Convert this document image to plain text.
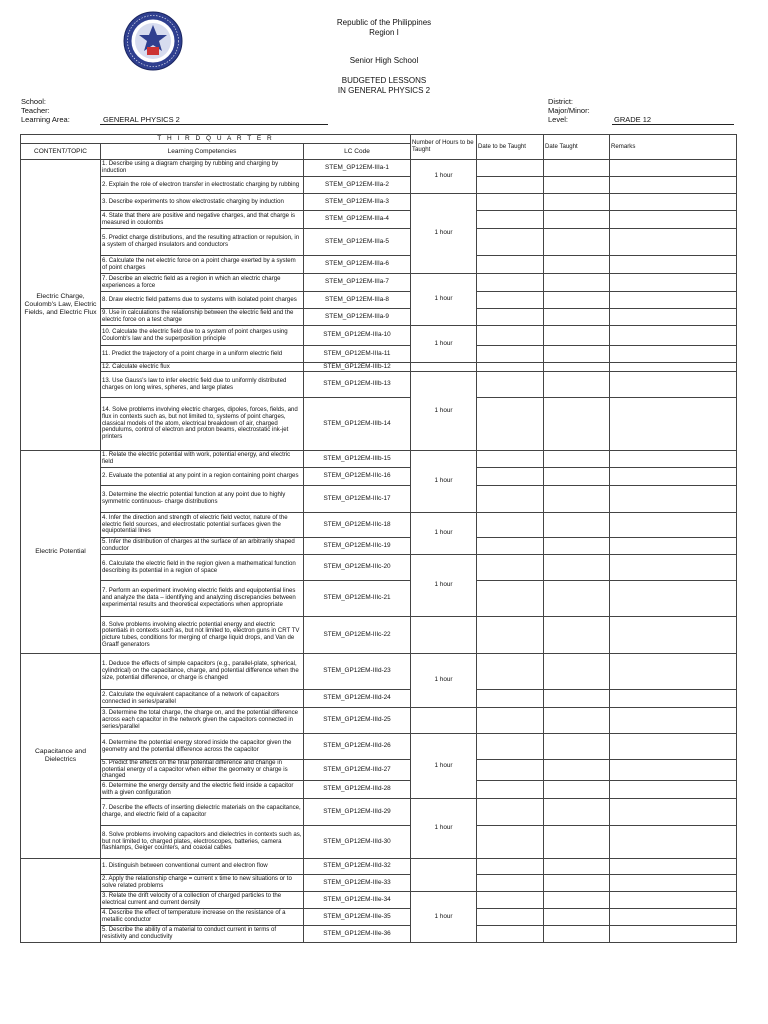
Republic of the Philippines
Region I
Senior High School
BUDGETED LESSONS
IN GENERAL PHYSICS 2
School:
Teacher:
Learning Area:	GENERAL PHYSICS 2
District:
Major/Minor:
Level:	GRADE 12
T H I R D Q U A R T E R			Number of Hours to be Taught	Date to be Taught	Date Taught	Remarks
CONTENT/TOPIC	Learning Competencies	LC Code				
Electric Charge, Coulomb's Law, Electric Fields, and Electric Flux	1. Describe using a diagram charging by rubbing and charging by induction	STEM_GP12EM-IIIa-1	1 hour			
	2. Explain the role of electron transfer in electrostatic charging by rubbing	STEM_GP12EM-IIIa-2				
	3. Describe experiments to show electrostatic charging by induction	STEM_GP12EM-IIIa-3	1 hour			
	4. State that there are positive and negative charges, and that charge is measured in coulombs	STEM_GP12EM-IIIa-4				
	5. Predict charge distributions, and the resulting attraction or repulsion, in a system of charged insulators and conductors	STEM_GP12EM-IIIa-5				
	6. Calculate the net electric force on a point charge exerted by a system of point charges	STEM_GP12EM-IIIa-6				
	7. Describe an electric field as a region in which an electric charge experiences a force	STEM_GP12EM-IIIa-7	1 hour			
	8. Draw electric field patterns due to systems with isolated point charges	STEM_GP12EM-IIIa-8				
	9. Use in calculations the relationship between the electric field and the electric force on a test charge	STEM_GP12EM-IIIa-9				
	10. Calculate the electric field due to a system of point charges using Coulomb's law and the superposition principle	STEM_GP12EM-IIIa-10	1 hour			
	11. Predict the trajectory of a point charge in a uniform electric field	STEM_GP12EM-IIIa-11				
	12. Calculate electric flux	STEM_GP12EM-IIIb-12				
	13. Use Gauss's law to infer electric field due to uniformly distributed charges on long wires, spheres, and large plates	STEM_GP12EM-IIIb-13	1 hour			
	14. Solve problems involving electric charges, dipoles, forces, fields, and flux in contexts such as, but not limited to, systems of point charges, classical models of the atom, electrical breakdown of air, charged pendulums, control of electron and proton beams, electrostatic ink-jet printers	STEM_GP12EM-IIIb-14				
Electric Potential	1. Relate the electric potential with work, potential energy, and electric field	STEM_GP12EM-IIIb-15	1 hour			
	2. Evaluate the potential at any point in a region containing point charges	STEM_GP12EM-IIIc-16				
	3. Determine the electric potential function at any point due to highly symmetric continuous- charge distributions	STEM_GP12EM-IIIc-17				
	4. Infer the direction and strength of electric field vector, nature of the electric field sources, and electrostatic potential surfaces given the equipotential lines	STEM_GP12EM-IIIc-18	1 hour			
	5. Infer the distribution of charges at the surface of an arbitrarily shaped conductor	STEM_GP12EM-IIIc-19				
	6. Calculate the electric field in the region given a mathematical function describing its potential in a region of space	STEM_GP12EM-IIIc-20	1 hour			
	7. Perform an experiment involving electric fields and equipotential lines and analyze the data – identifying and analyzing discrepancies between experimental results and theoretical expectations when appropriate	STEM_GP12EM-IIIc-21				
	8. Solve problems involving electric potential energy and electric potentials in contexts such as, but not limited to, electron guns in CRT TV picture tubes, conditions for merging of charge liquid drops, and Van de Graaff generators	STEM_GP12EM-IIIc-22				
Capacitance and Dielectrics	1. Deduce the effects of simple capacitors (e.g., parallel-plate, spherical, cylindrical) on the capacitance, charge, and potential difference when the size, potential difference, or charge is changed	STEM_GP12EM-IIId-23	1 hour			
	2. Calculate the equivalent capacitance of a network of capacitors connected in series/parallel	STEM_GP12EM-IIId-24				
	3. Determine the total charge, the charge on, and the potential difference across each capacitor in the network given the capacitors connected in series/parallel	STEM_GP12EM-IIId-25				
	4. Determine the potential energy stored inside the capacitor given the geometry and the potential difference across the capacitor	STEM_GP12EM-IIId-26	1 hour			
	5. Predict the effects on the final potential difference and change in potential energy of a capacitor when either the geometry or charge is changed	STEM_GP12EM-IIId-27				
	6. Determine the energy density and the electric field inside a capacitor with a given configuration	STEM_GP12EM-IIId-28				
	7. Describe the effects of inserting dielectric materials on the capacitance, charge, and electric field of a capacitor	STEM_GP12EM-IIId-29	1 hour			
	8. Solve problems involving capacitors and dielectrics in contexts such as, but not limited to, charged plates, electroscopes, batteries, camera flashlamps, Geiger counters, and coaxial cables	STEM_GP12EM-IIId-30				
	1. Distinguish between conventional current and electron flow	STEM_GP12EM-IIId-32				
	2. Apply the relationship charge = current x time to new situations or to solve related problems	STEM_GP12EM-IIIe-33				
	3. Relate the drift velocity of a collection of charged particles to the electrical current and current density	STEM_GP12EM-IIIe-34	1 hour			
	4. Describe the effect of temperature increase on the resistance of a metallic conductor	STEM_GP12EM-IIIe-35				
	5. Describe the ability of a material to conduct current in terms of resistivity and conductivity	STEM_GP12EM-IIIe-36				
